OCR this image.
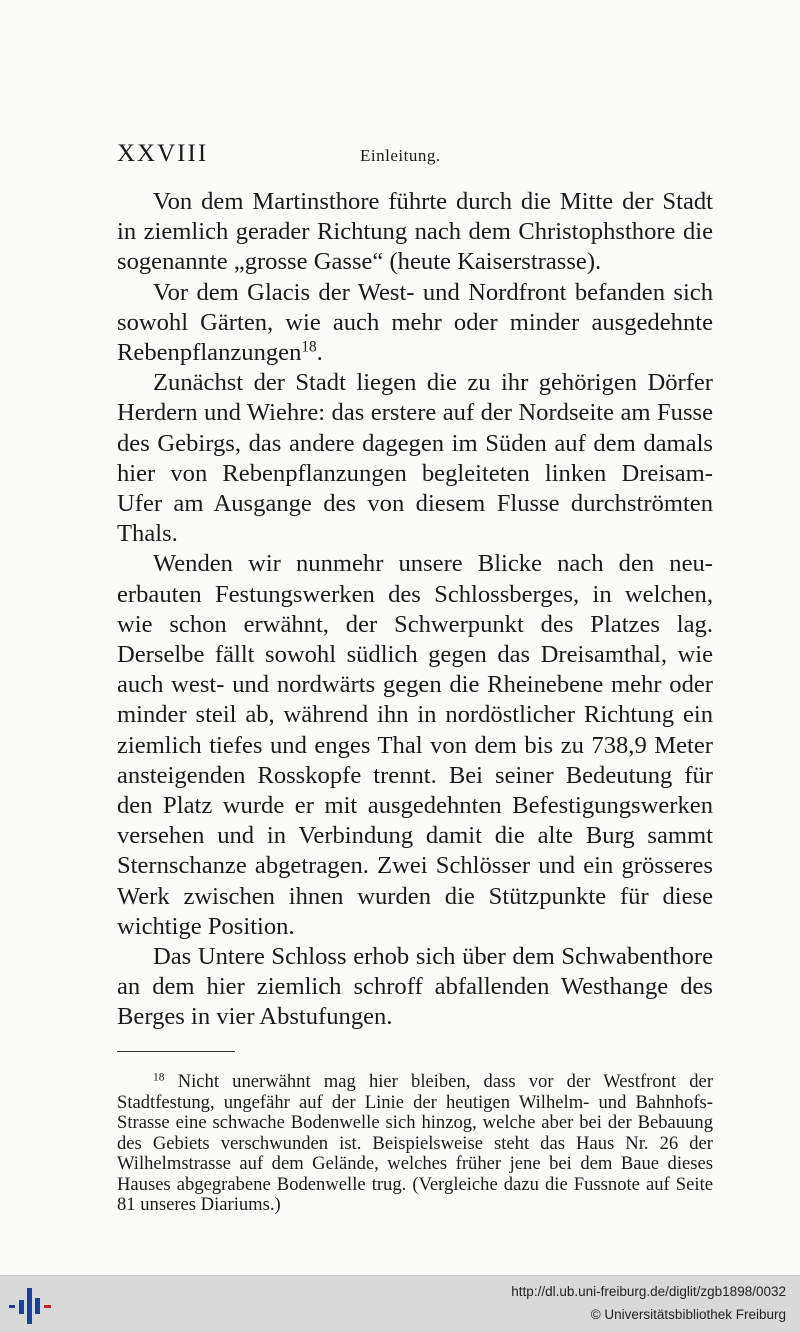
XXVIII	Einleitung.

Von dem Martinsthore führte durch die Mitte der Stadt in ziemlich gerader Richtung nach dem Christophsthore die sogenannte „grosse Gasse“ (heute Kaiserstrasse).

Vor dem Glacis der West- und Nordfront befanden sich sowohl Gärten, wie auch mehr oder minder ausgedehnte Rebenpflanzungen$^{18}$.

Zunächst der Stadt liegen die zu ihr gehörigen Dörfer Herdern und Wiehre: das erstere auf der Nordseite am Fusse des Gebirgs, das andere dagegen im Süden auf dem damals hier von Rebenpflanzungen begleiteten linken Dreisam-Ufer am Ausgange des von diesem Flusse durchströmten Thals.

Wenden wir nunmehr unsere Blicke nach den neuerbauten Festungswerken des Schlossberges, in welchen, wie schon erwähnt, der Schwerpunkt des Platzes lag. Derselbe fällt sowohl südlich gegen das Dreisamthal, wie auch west- und nordwärts gegen die Rheinebene mehr oder minder steil ab, während ihn in nordöstlicher Richtung ein ziemlich tiefes und enges Thal von dem bis zu 738,9 Meter ansteigenden Rosskopfe trennt. Bei seiner Bedeutung für den Platz wurde er mit ausgedehnten Befestigungswerken versehen und in Verbindung damit die alte Burg sammt Sternschanze abgetragen. Zwei Schlösser und ein grösseres Werk zwischen ihnen wurden die Stützpunkte für diese wichtige Position.

Das Untere Schloss erhob sich über dem Schwabenthore an dem hier ziemlich schroff abfallenden Westhange des Berges in vier Abstufungen.

$^{18}$ Nicht unerwähnt mag hier bleiben, dass vor der Westfront der Stadtfestung, ungefähr auf der Linie der heutigen Wilhelm- und Bahnhofs-Strasse eine schwache Bodenwelle sich hinzog, welche aber bei der Bebauung des Gebiets verschwunden ist. Beispielsweise steht das Haus Nr. 26 der Wilhelmstrasse auf dem Gelände, welches früher jene bei dem Baue dieses Hauses abgegrabene Bodenwelle trug. (Vergleiche dazu die Fussnote auf Seite 81 unseres Diariums.)
http://dl.ub.uni-freiburg.de/diglit/zgb1898/0032
© Universitätsbibliothek Freiburg
